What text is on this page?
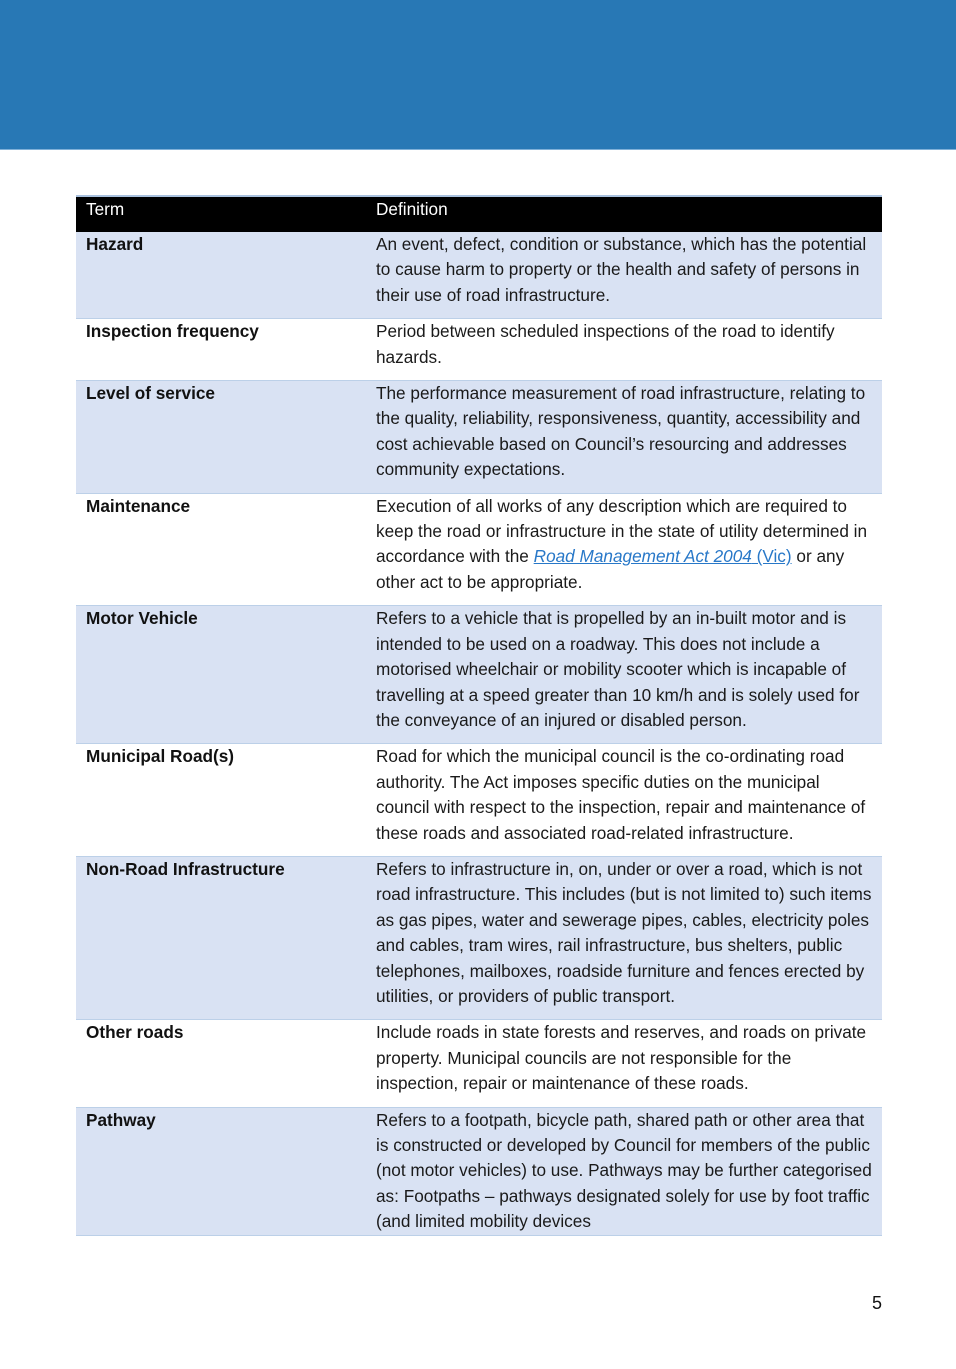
Term	Definition
Hazard	An event, defect, condition or substance, which has the potential to cause harm to property or the health and safety of persons in their use of road infrastructure.
Inspection frequency	Period between scheduled inspections of the road to identify hazards.
Level of service	The performance measurement of road infrastructure, relating to the quality, reliability, responsiveness, quantity, accessibility and cost achievable based on Council’s resourcing and addresses community expectations.
Maintenance	Execution of all works of any description which are required to keep the road or infrastructure in the state of utility determined in accordance with the Road Management Act 2004 (Vic) or any other act to be appropriate.
Motor Vehicle	Refers to a vehicle that is propelled by an in-built motor and is intended to be used on a roadway. This does not include a motorised wheelchair or mobility scooter which is incapable of travelling at a speed greater than 10 km/h and is solely used for the conveyance of an injured or disabled person.
Municipal Road(s)	Road for which the municipal council is the co-ordinating road authority. The Act imposes specific duties on the municipal council with respect to the inspection, repair and maintenance of these roads and associated road-related infrastructure.
Non-Road Infrastructure	Refers to infrastructure in, on, under or over a road, which is not road infrastructure. This includes (but is not limited to) such items as gas pipes, water and sewerage pipes, cables, electricity poles and cables, tram wires, rail infrastructure, bus shelters, public telephones, mailboxes, roadside furniture and fences erected by utilities, or providers of public transport.
Other roads	Include roads in state forests and reserves, and roads on private property. Municipal councils are not responsible for the inspection, repair or maintenance of these roads.
Pathway	Refers to a footpath, bicycle path, shared path or other area that is constructed or developed by Council for members of the public (not motor vehicles) to use. Pathways may be further categorised as: Footpaths – pathways designated solely for use by foot traffic (and limited mobility devices
5
